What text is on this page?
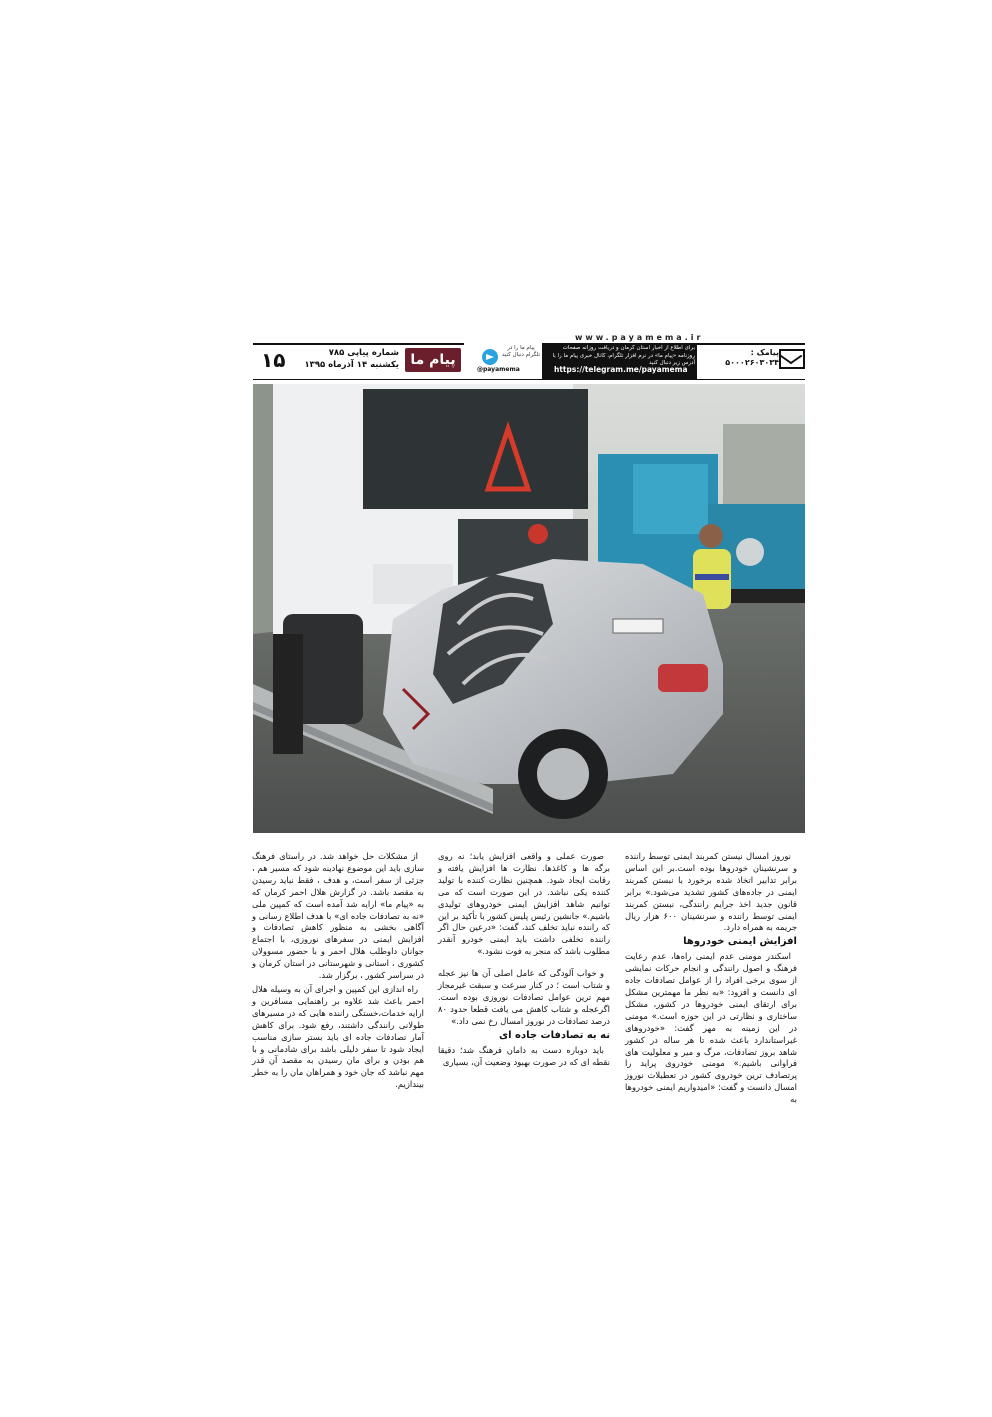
www.payamema.ir
۱۵	شماره پیاپی ۷۸۵
یکشنبه ۱۴ آذرماه ۱۳۹۵ پیام ما
پیام ما را در تلگرام دنبال کنید
@payamema
برای اطلاع از اخبار استان کرمان و دریافت روزانه صفحات روزنامه «پیام ما» در نرم افزار تلگرام، کانال خبری پیام ما را با آدرس زیر دنبال کنید
https://telegram.me/payamema
پیامک :
۵۰۰۰۲۶۰۳۰۳۴

نوروز امسال نیستن کمربند ایمنی توسط راننده و سرنشینان خودروها بوده است.بر این اساس برابر تدابیر اتخاذ شده برخورد با نبستن کمربند ایمنی در جاده‌های کشور تشدید می‌شود.» برابر قانون جدید اخذ جرایم رانندگی، نبستن کمربند ایمنی توسط راننده و سرنشینان ۶۰۰ هزار ریال جریمه به همراه دارد.

افزایش ایمنی خودروها

اسکندر مومنی عدم ایمنی راه‌ها، عدم رعایت فرهنگ و اصول رانندگی و انجام حرکات نمایشی از سوی برخی افراد را از عوامل تصادفات جاده ای دانست و افزود: «به نظر ما مهمترین مشکل برای ارتقای ایمنی خودروها در کشور، مشکل ساختاری و نظارتی در این حوزه است.» مومنی در این زمینه به مهر گفت: «خودروهای غیراستاندارد باعث شده تا هر ساله در کشور شاهد بروز تصادفات، مرگ و میر و معلولیت های فراوانی باشیم.» مومنی خودروی پراید را پرتصادف ترین خودروی کشور در تعطیلات نوروز امسال دانست و گفت: «امیدواریم ایمنی خودروها به

صورت عملی و واقعی افزایش یابد؛ نه روی برگه ها و کاغذها. نظارت ها افزایش یافته و رقابت ایجاد شود. همچنین نظارت کننده با تولید کننده یکی نباشد. در این صورت است که می توانیم شاهد افزایش ایمنی خودروهای تولیدی باشیم.» جانشین رئیس پلیس کشور با تأکید بر این که راننده نباید تخلف کند، گفت: «درعین حال اگر راننده تخلفی داشت باید ایمنی خودرو آنقدر مطلوب باشد که منجر به فوت نشود.»

و خواب آلودگی که عامل اصلی آن ها نیز عجله و شتاب است ؛ در کنار سرعت و سبقت غیرمجاز مهم ترین عوامل تصادفات نوروزی بوده است. اگرعجله و شتاب کاهش می یافت قطعا حدود ۸۰ درصد تصادفات در نوروز امسال رخ نمی داد.»

نه به تصادفات جاده ای

باید دوباره دست به دامان فرهنگ شد؛ دقیقا نقطه ای که در صورت بهبود وضعیت آن، بسیاری

از مشکلات حل خواهد شد. در راستای فرهنگ سازی باید این موضوع نهادینه شود که مسیر هم ، جزئی از سفر است، و هدف ، فقط نباید رسیدن به مقصد باشد. در گزارش هلال احمر کرمان که به «پیام ما» ارایه شد آمده است که کمپین ملی «نه به تصادفات جاده ای» با هدف اطلاع رسانی و آگاهی بخشی به منظور کاهش تصادفات و افزایش ایمنی در سفرهای نوروزی، با اجتماع جوانان داوطلب هلال احمر و با حضور مسوولان کشوری ، استانی و شهرستانی در استان کرمان و در سراسر کشور ، برگزار شد.

راه اندازی این کمپین و اجرای آن به وسیله هلال احمر باعث شد علاوه بر راهنمایی مسافرین و ارایه خدمات،خستگی راننده هایی که در مسیرهای طولانی رانندگی داشتند، رفع شود. برای کاهش آمار تصادفات جاده ای باید بستر سازی مناسب ایجاد شود تا سفر دلیلی باشد برای شادمانی و با هم بودن و برای مان رسیدن به مقصد آن قدر مهم نباشد که جان خود و همراهان مان را به خطر بیندازیم.
